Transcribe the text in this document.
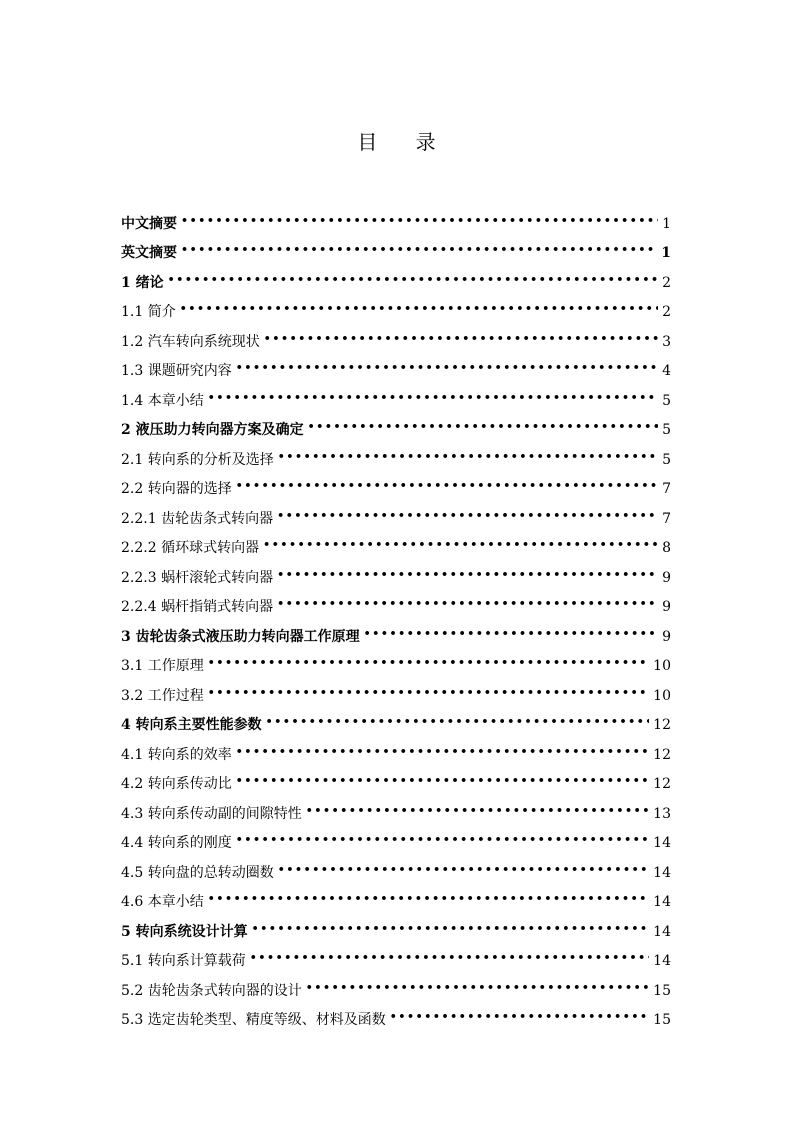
目      录
中文摘要 •••••	1
英文摘要 •••••	1
1 绪论 •••••	2
1.1 简介 •••••	2
1.2 汽车转向系统现状 •••••	3
1.3 课题研究内容 •••••	4
1.4 本章小结 •••••	5
2 液压助力转向器方案及确定 •••••	5
2.1 转向系的分析及选择 •••••	5
2.2 转向器的选择 •••••	7
2.2.1 齿轮齿条式转向器 •••••	7
2.2.2 循环球式转向器 •••••	8
2.2.3 蜗杆滚轮式转向器 •••••	9
2.2.4 蜗杆指销式转向器 •••••	9
3 齿轮齿条式液压助力转向器工作原理 •••••	9
3.1 工作原理 •••••	10
3.2 工作过程 •••••	10
4 转向系主要性能参数 •••••	12
4.1 转向系的效率 •••••	12
4.2 转向系传动比 •••••	12
4.3 转向系传动副的间隙特性 •••••	13
4.4 转向系的刚度 •••••	14
4.5 转向盘的总转动圈数 •••••	14
4.6 本章小结 •••••	14
5 转向系统设计计算 •••••	14
5.1 转向系计算载荷 •••••	14
5.2 齿轮齿条式转向器的设计 •••••	15
5.3 选定齿轮类型、精度等级、材料及函数 •••••	15
